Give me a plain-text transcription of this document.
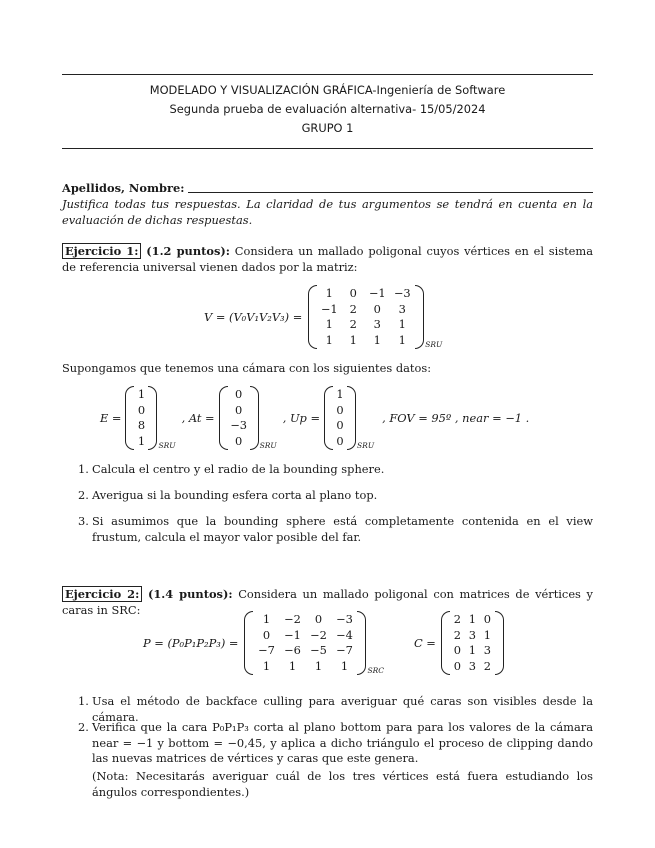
MODELADO Y VISUALIZACIÓN GRÁFICA-Ingeniería de Software
Segunda prueba de evaluación alternativa- 15/05/2024
GRUPO 1
Apellidos, Nombre:
Justifica todas tus respuestas. La claridad de tus argumentos se tendrá en cuenta en la evaluación de dichas respuestas.
Ejercicio 1: (1.2 puntos): Considera un mallado poligonal cuyos vértices en el sistema de referencia universal vienen dados por la matriz:
V = (V₀V₁V₂V₃) =
1	0	−1 −3
−1	2	0	3
1	2	3	1
1	1	1	1	SRU
Supongamos que tenemos una cámara con los siguientes datos:
E =
1
0
8
1	SRU
, At =
0
0
−3
0	SRU
, Up =
1
0
0
0	SRU
, FOV = 95º , near = −1 .
1. Calcula el centro y el radio de la bounding sphere.
2. Averigua si la bounding esfera corta al plano top.
3. Si asumimos que la bounding sphere está completamente contenida en el view frustum, calcula el mayor valor posible del far.
Ejercicio 2: (1.4 puntos): Considera un mallado poligonal con matrices de vértices y caras in SRC:
P = (P₀P₁P₂P₃) =
1	−2	0	−3
0	−1 −2 −4
−7 −6 −5 −7
1	1	1	1	SRC
C =
2 1 0
2 3 1
0 1 3
0 3 2
1. Usa el método de backface culling para averiguar qué caras son visibles desde la cámara.
2. Verifica que la cara P₀P₁P₃ corta al plano bottom para para los valores de la cámara near = −1 y bottom = −0,45, y aplica a dicho triángulo el proceso de clipping dando las nuevas matrices de vértices y caras que este genera.
(Nota: Necesitarás averiguar cuál de los tres vértices está fuera estudiando los ángulos correspondientes.)
